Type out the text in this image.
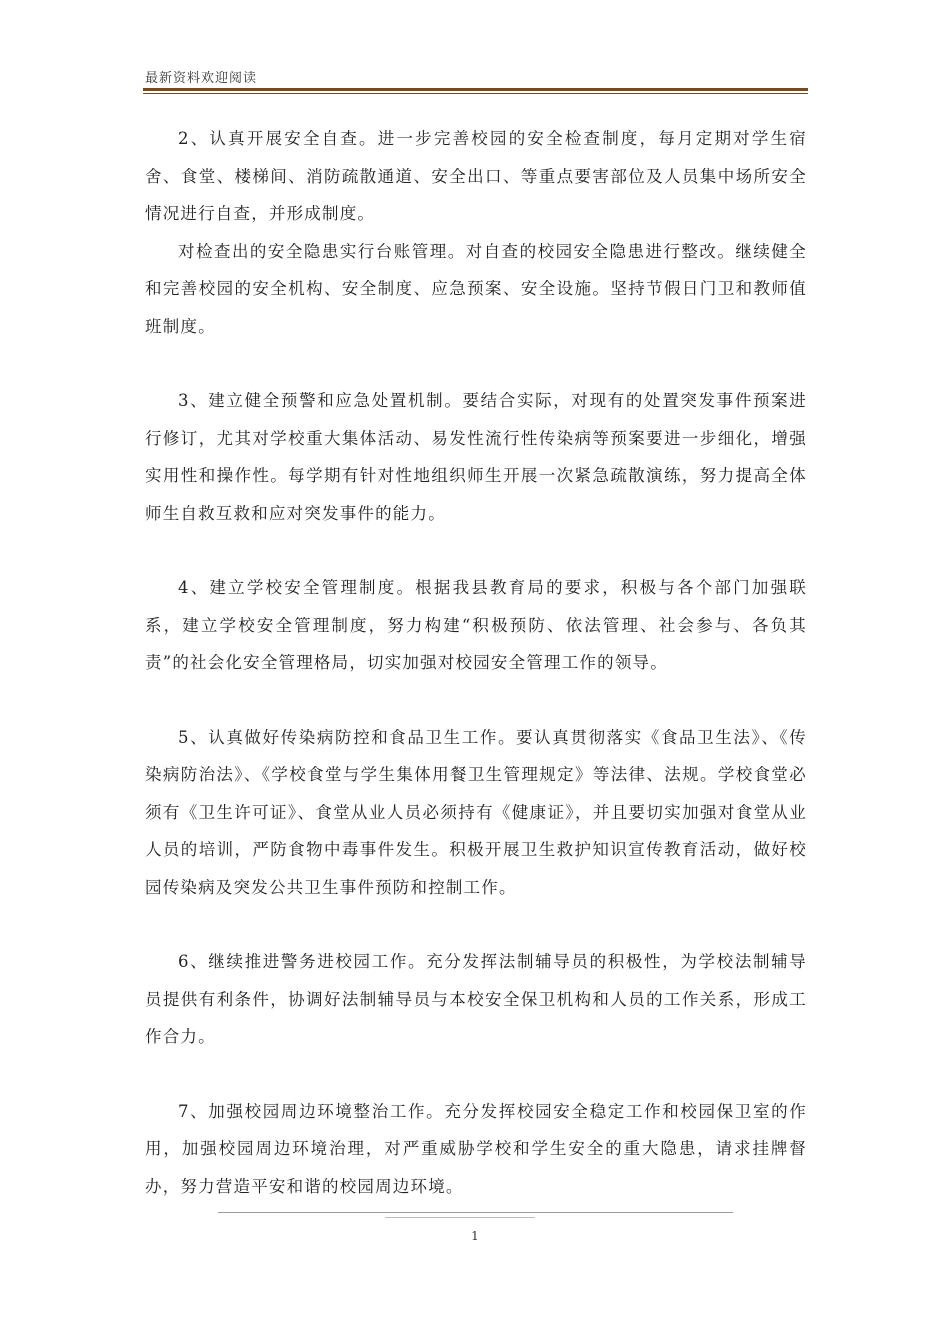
最新资料欢迎阅读

2、认真开展安全自查。进一步完善校园的安全检查制度，每月定期对学生宿舍、食堂、楼梯间、消防疏散通道、安全出口、等重点要害部位及人员集中场所安全情况进行自查，并形成制度。

对检查出的安全隐患实行台账管理。对自查的校园安全隐患进行整改。继续健全和完善校园的安全机构、安全制度、应急预案、安全设施。坚持节假日门卫和教师值班制度。

3、建立健全预警和应急处置机制。要结合实际，对现有的处置突发事件预案进行修订，尤其对学校重大集体活动、易发性流行性传染病等预案要进一步细化，增强实用性和操作性。每学期有针对性地组织师生开展一次紧急疏散演练，努力提高全体师生自救互救和应对突发事件的能力。

4、建立学校安全管理制度。根据我县教育局的要求，积极与各个部门加强联系，建立学校安全管理制度，努力构建“积极预防、依法管理、社会参与、各负其责”的社会化安全管理格局，切实加强对校园安全管理工作的领导。

5、认真做好传染病防控和食品卫生工作。要认真贯彻落实《食品卫生法》、《传染病防治法》、《学校食堂与学生集体用餐卫生管理规定》等法律、法规。学校食堂必须有《卫生许可证》、食堂从业人员必须持有《健康证》，并且要切实加强对食堂从业人员的培训，严防食物中毒事件发生。积极开展卫生救护知识宣传教育活动，做好校园传染病及突发公共卫生事件预防和控制工作。

6、继续推进警务进校园工作。充分发挥法制辅导员的积极性，为学校法制辅导员提供有利条件，协调好法制辅导员与本校安全保卫机构和人员的工作关系，形成工作合力。

7、加强校园周边环境整治工作。充分发挥校园安全稳定工作和校园保卫室的作用，加强校园周边环境治理，对严重威胁学校和学生安全的重大隐患，请求挂牌督办，努力营造平安和谐的校园周边环境。

1
